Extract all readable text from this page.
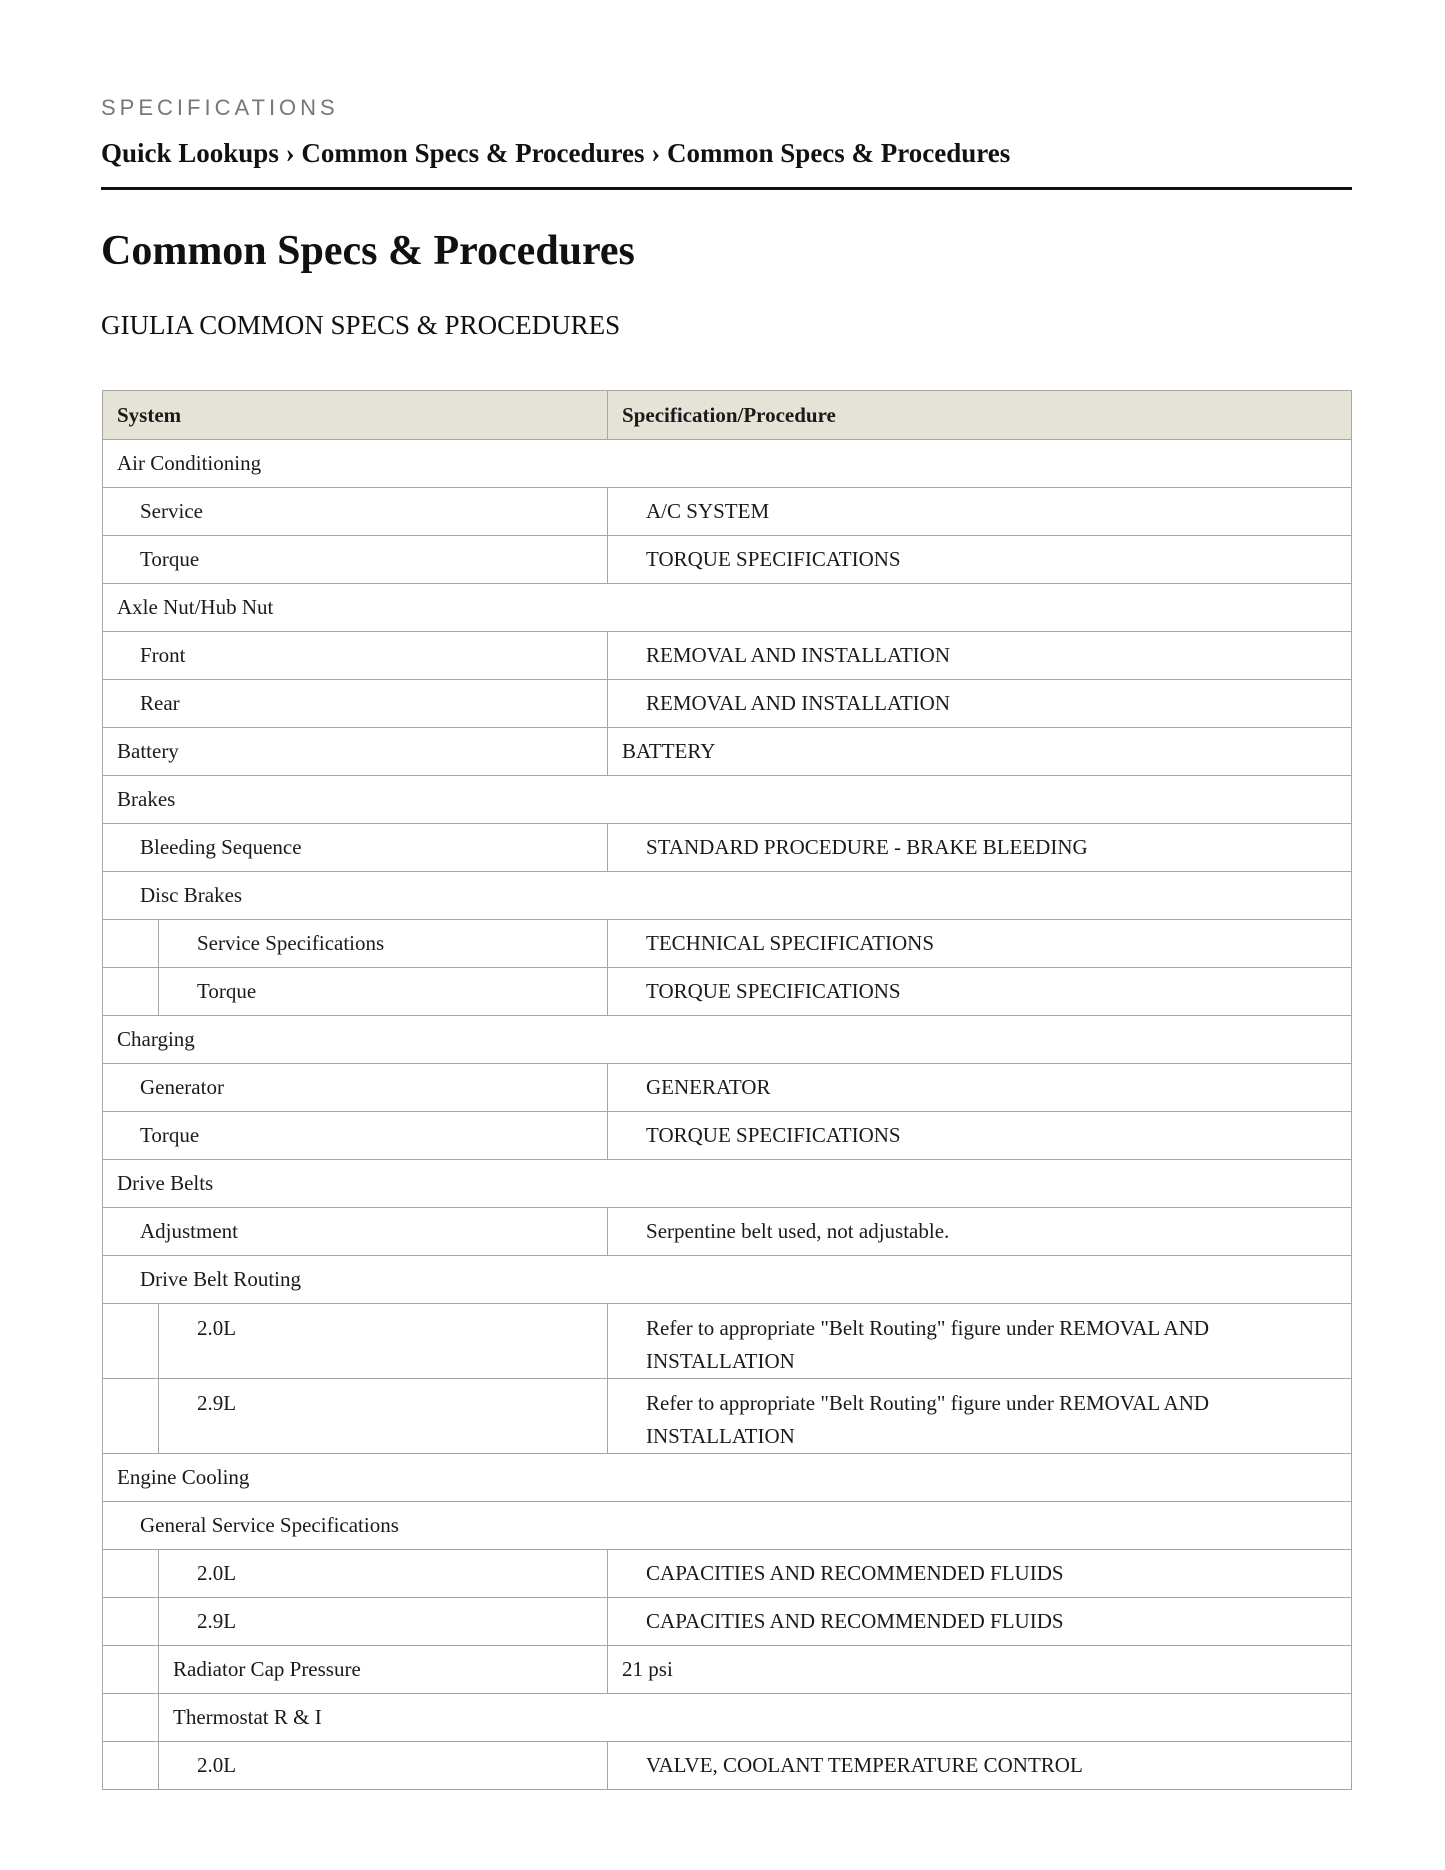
SPECIFICATIONS
Quick Lookups › Common Specs & Procedures › Common Specs & Procedures
Common Specs & Procedures
GIULIA COMMON SPECS & PROCEDURES
System		Specification/Procedure
Air Conditioning		
Service		A/C SYSTEM
Torque		TORQUE SPECIFICATIONS
Axle Nut/Hub Nut		
Front		REMOVAL AND INSTALLATION
Rear		REMOVAL AND INSTALLATION
Battery		BATTERY
Brakes		
Bleeding Sequence		STANDARD PROCEDURE - BRAKE BLEEDING
Disc Brakes		
	Service Specifications	TECHNICAL SPECIFICATIONS
	Torque	TORQUE SPECIFICATIONS
Charging		
Generator		GENERATOR
Torque		TORQUE SPECIFICATIONS
Drive Belts		
Adjustment		Serpentine belt used, not adjustable.
Drive Belt Routing		
	2.0L	Refer to appropriate "Belt Routing" figure under REMOVAL AND INSTALLATION
	2.9L	Refer to appropriate "Belt Routing" figure under REMOVAL AND INSTALLATION
Engine Cooling		
General Service Specifications		
	2.0L	CAPACITIES AND RECOMMENDED FLUIDS
	2.9L	CAPACITIES AND RECOMMENDED FLUIDS
	Radiator Cap Pressure	21 psi
	Thermostat R & I	
	2.0L	VALVE, COOLANT TEMPERATURE CONTROL
